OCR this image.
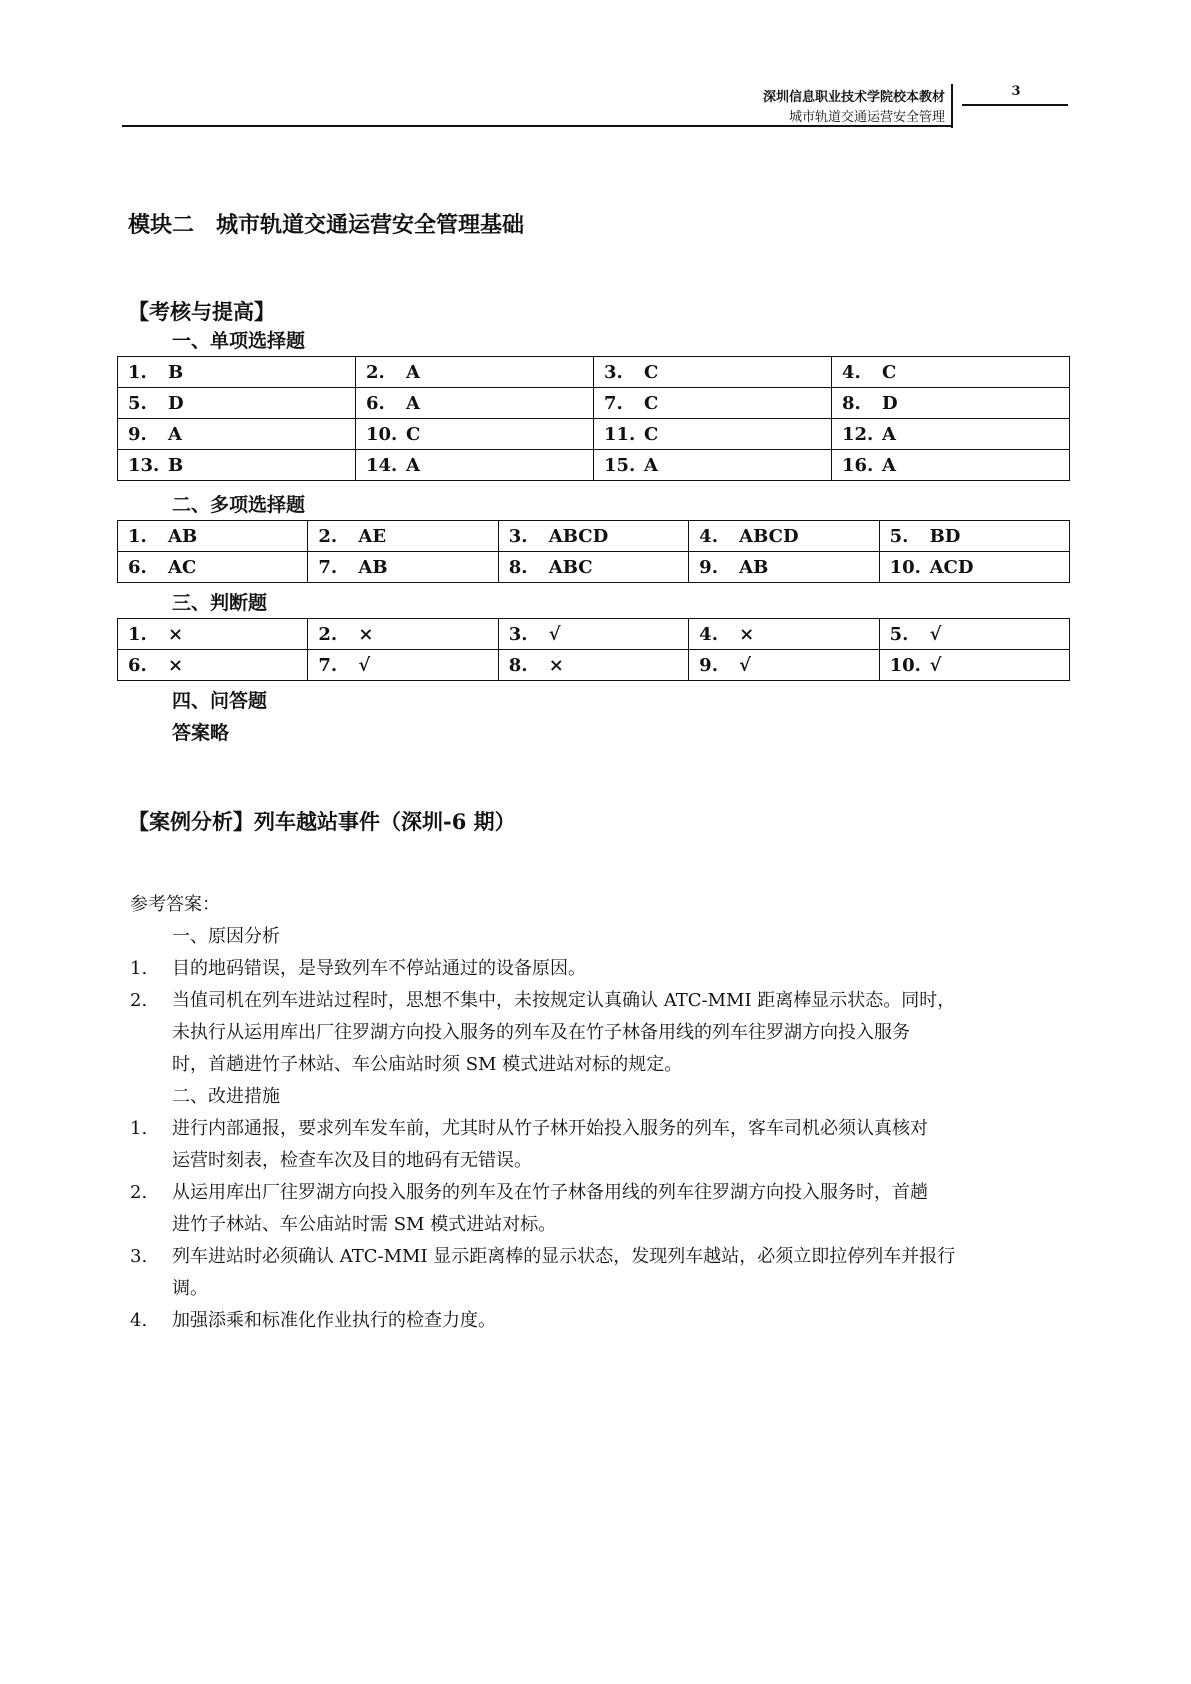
深圳信息职业技术学院校本教材
城市轨道交通运营安全管理
3
模块二　城市轨道交通运营安全管理基础
【考核与提高】
一、单项选择题
1. B	2. A	3. C	4. C
5. D	6. A	7. C	8. D
9. A	10. C	11. C	12. A
13. B	14. A	15. A	16. A
二、多项选择题
1. AB	2. AE	3. ABCD	4. ABCD	5. BD
6. AC	7. AB	8. ABC	9. AB	10. ACD
三、判断题
1. ×	2. ×	3. √	4. ×	5. √
6. ×	7. √	8. ×	9. √	10. √
四、问答题
答案略
【案例分析】列车越站事件（深圳-6 期）
参考答案：
一、原因分析
1. 目的地码错误，是导致列车不停站通过的设备原因。
2. 当值司机在列车进站过程时，思想不集中，未按规定认真确认 ATC-MMI 距离棒显示状态。同时，
未执行从运用库出厂往罗湖方向投入服务的列车及在竹子林备用线的列车往罗湖方向投入服务
时，首趟进竹子林站、车公庙站时须 SM 模式进站对标的规定。
二、改进措施
1. 进行内部通报，要求列车发车前，尤其时从竹子林开始投入服务的列车，客车司机必须认真核对
运营时刻表，检查车次及目的地码有无错误。
2. 从运用库出厂往罗湖方向投入服务的列车及在竹子林备用线的列车往罗湖方向投入服务时，首趟
进竹子林站、车公庙站时需 SM 模式进站对标。
3. 列车进站时必须确认 ATC-MMI 显示距离棒的显示状态，发现列车越站，必须立即拉停列车并报行
调。
4. 加强添乘和标准化作业执行的检查力度。
